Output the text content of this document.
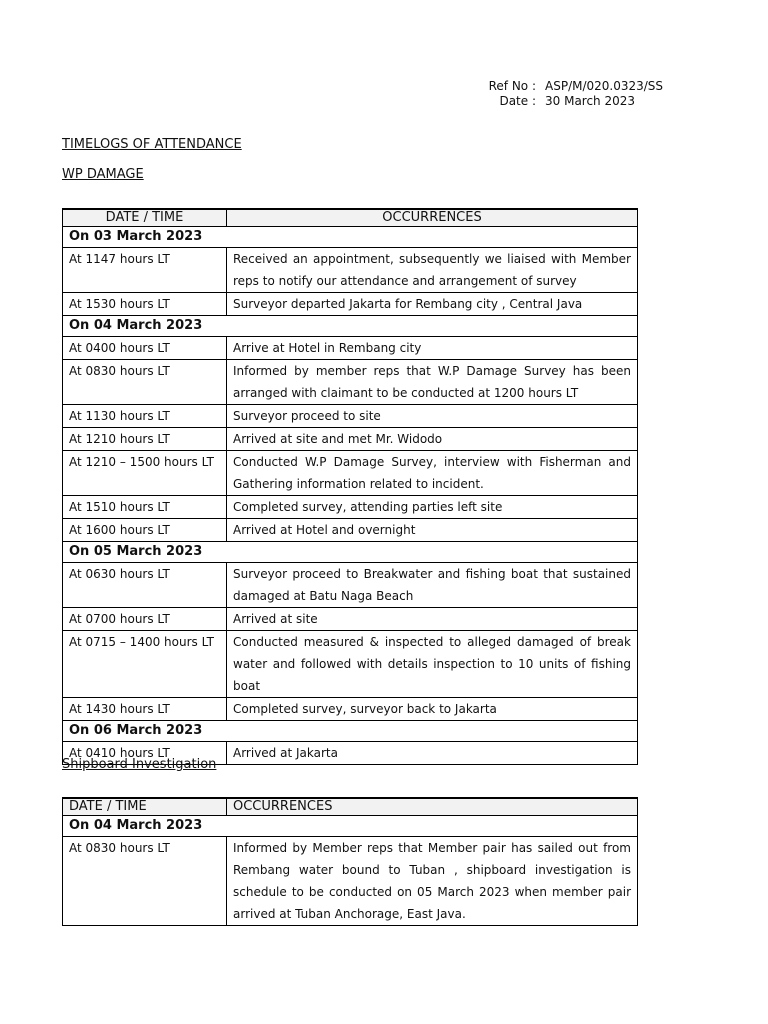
Ref No : ASP/M/020.0323/SS
Date : 30 March 2023
TIMELOGS OF ATTENDANCE
WP DAMAGE
DATE / TIME	OCCURRENCES
On 03 March 2023	
At 1147 hours LT	Received an appointment, subsequently we liaised with Member reps to notify our attendance and arrangement of survey
At 1530 hours LT	Surveyor departed Jakarta for Rembang city , Central Java
On 04 March 2023	
At 0400 hours LT	Arrive at Hotel in Rembang city
At 0830 hours LT	Informed by member reps that W.P Damage Survey has been arranged with claimant to be conducted at 1200 hours LT
At 1130 hours LT	Surveyor proceed to site
At 1210 hours LT	Arrived at site and met Mr. Widodo
At 1210 – 1500 hours LT	Conducted W.P Damage Survey, interview with Fisherman and Gathering information related to incident.
At 1510 hours LT	Completed survey, attending parties left site
At 1600 hours LT	Arrived at Hotel and overnight
On 05 March 2023	
At 0630 hours LT	Surveyor proceed to Breakwater and fishing boat that sustained damaged at Batu Naga Beach
At 0700 hours LT	Arrived at site
At 0715 – 1400 hours LT	Conducted measured & inspected to alleged damaged of break water and followed with details inspection to 10 units of fishing boat
At 1430 hours LT	Completed survey, surveyor back to Jakarta
On 06 March 2023	
At 0410 hours LT	Arrived at Jakarta
Shipboard Investigation
DATE / TIME	OCCURRENCES
On 04 March 2023	
At 0830 hours LT	Informed by Member reps that Member pair has sailed out from Rembang water bound to Tuban , shipboard investigation is schedule to be conducted on 05 March 2023 when member pair arrived at Tuban Anchorage, East Java.
